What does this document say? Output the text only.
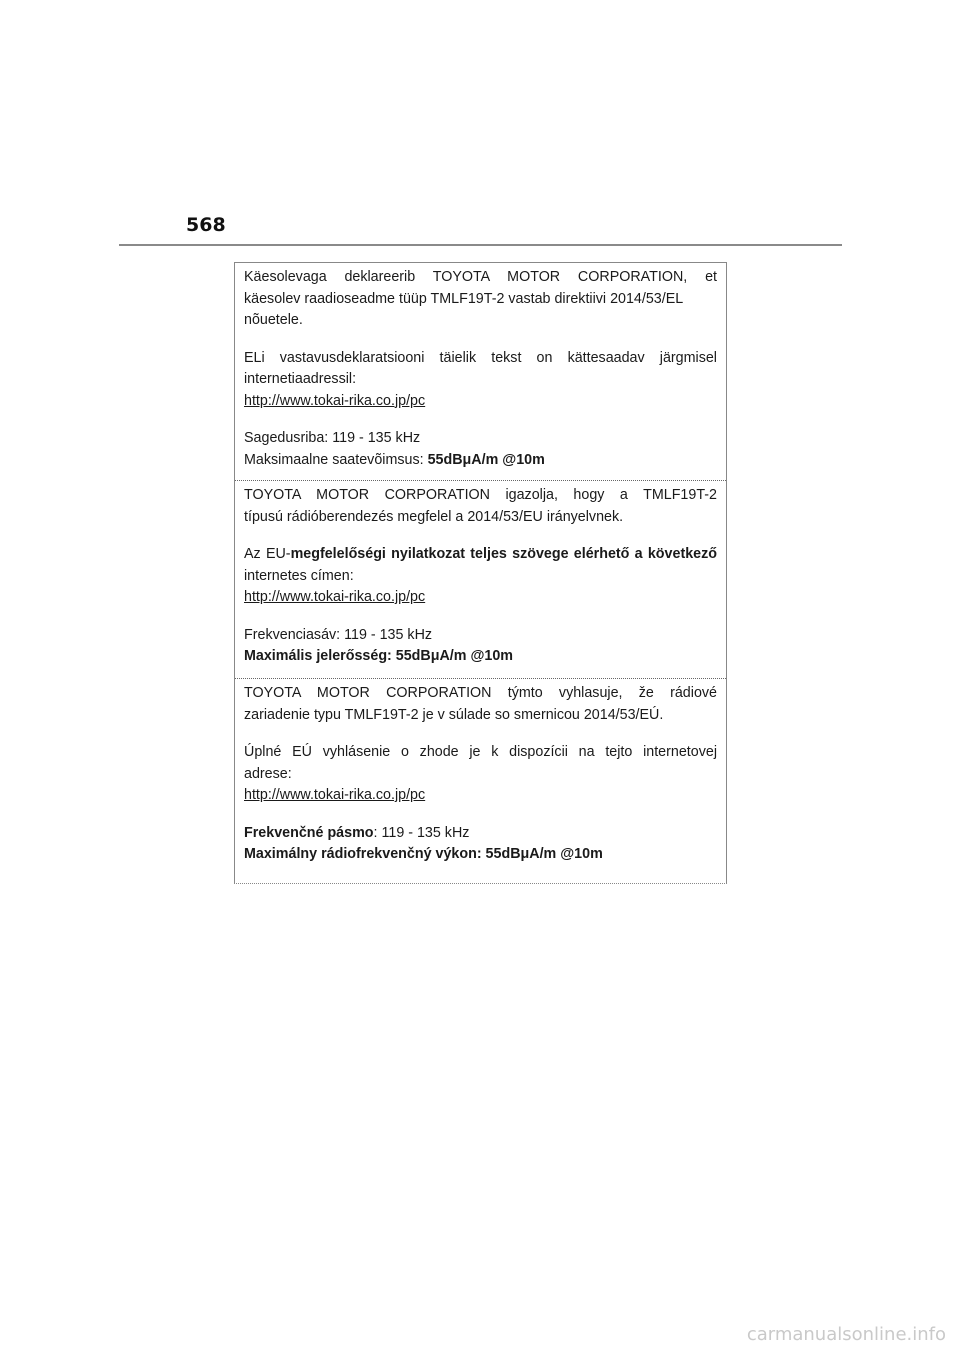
568

Käesolevaga deklareerib TOYOTA MOTOR CORPORATION, et
käesolev raadioseadme tüüp TMLF19T-2 vastab direktiivi 2014/53/EL
nõuetele.

ELi vastavusdeklaratsiooni täielik tekst on kättesaadav järgmisel
internetiaadressil:
http://www.tokai-rika.co.jp/pc

Sagedusriba: 119 - 135 kHz
Maksimaalne saatevõimsus: 55dBμA/m @10m

TOYOTA MOTOR CORPORATION igazolja, hogy a TMLF19T-2
típusú rádióberendezés megfelel a 2014/53/EU irányelvnek.

Az EU-megfelelőségi nyilatkozat teljes szövege elérhető a következő
internetes címen:
http://www.tokai-rika.co.jp/pc

Frekvenciasáv: 119 - 135 kHz
Maximális jelerősség: 55dBμA/m @10m

TOYOTA MOTOR CORPORATION týmto vyhlasuje, že rádiové
zariadenie typu TMLF19T-2 je v súlade so smernicou 2014/53/EÚ.

Úplné EÚ vyhlásenie o zhode je k dispozícii na tejto internetovej
adrese:
http://www.tokai-rika.co.jp/pc

Frekvenčné pásmo: 119 - 135 kHz
Maximálny rádiofrekvenčný výkon: 55dBμA/m @10m

carmanualsonline.info
